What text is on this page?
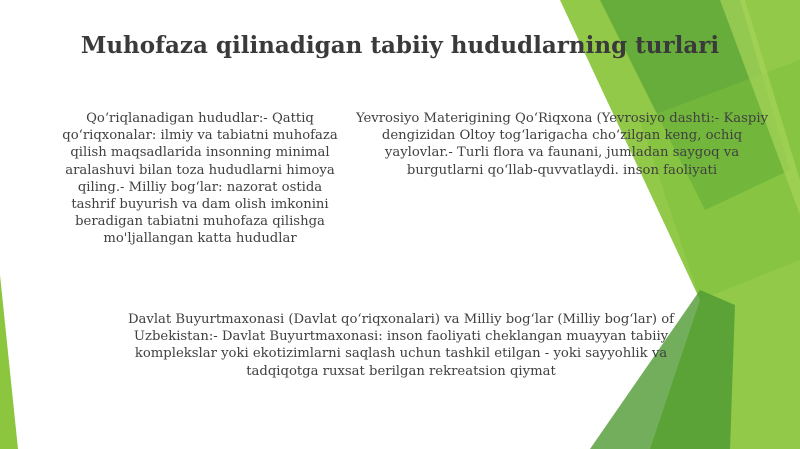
Muhofaza qilinadigan tabiiy hududlarning turlari
Qo‘riqlanadigan hududlar:- Qattiq qo‘riqxonalar: ilmiy va tabiatni muhofaza qilish maqsadlarida insonning minimal aralashuvi bilan toza hududlarni himoya qiling.- Milliy bog‘lar: nazorat ostida tashrif buyurish va dam olish imkonini beradigan tabiatni muhofaza qilishga mo'ljallangan katta hududlar
Yevrosiyo Materigining Qo‘Riqxona (Yevrosiyo dashti:- Kaspiy dengizidan Oltoy tog‘larigacha cho‘zilgan keng, ochiq yaylovlar.- Turli flora va faunani, jumladan saygoq va burgutlarni qo‘llab-quvvatlaydi. inson faoliyati
Davlat Buyurtmaxonasi (Davlat qo‘riqxonalari) va Milliy bog‘lar (Milliy bog‘lar) of Uzbekistan:- Davlat Buyurtmaxonasi: inson faoliyati cheklangan muayyan tabiiy komplekslar yoki ekotizimlarni saqlash uchun tashkil etilgan - yoki sayyohlik va tadqiqotga ruxsat berilgan rekreatsion qiymat
